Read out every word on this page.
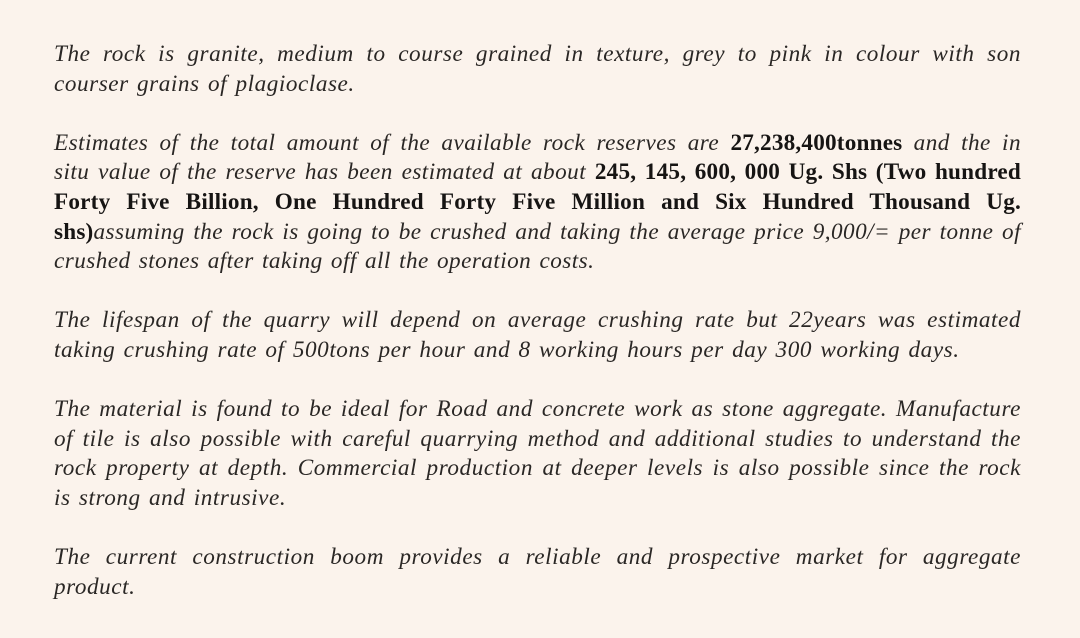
The rock is granite, medium to course grained in texture, grey to pink in colour with son courser grains of plagioclase.

Estimates of the total amount of the available rock reserves are 27,238,400tonnes and the in situ value of the reserve has been estimated at about 245, 145, 600, 000 Ug. Shs (Two hundred Forty Five Billion, One Hundred Forty Five Million and Six Hundred Thousand Ug. shs)assuming the rock is going to be crushed and taking the average price 9,000/= per tonne of crushed stones after taking off all the operation costs.

The lifespan of the quarry will depend on average crushing rate but 22years was estimated taking crushing rate of 500tons per hour and 8 working hours per day 300 working days.

The material is found to be ideal for Road and concrete work as stone aggregate. Manufacture of tile is also possible with careful quarrying method and additional studies to understand the rock property at depth. Commercial production at deeper levels is also possible since the rock is strong and intrusive.

The current construction boom provides a reliable and prospective market for aggregate product.
